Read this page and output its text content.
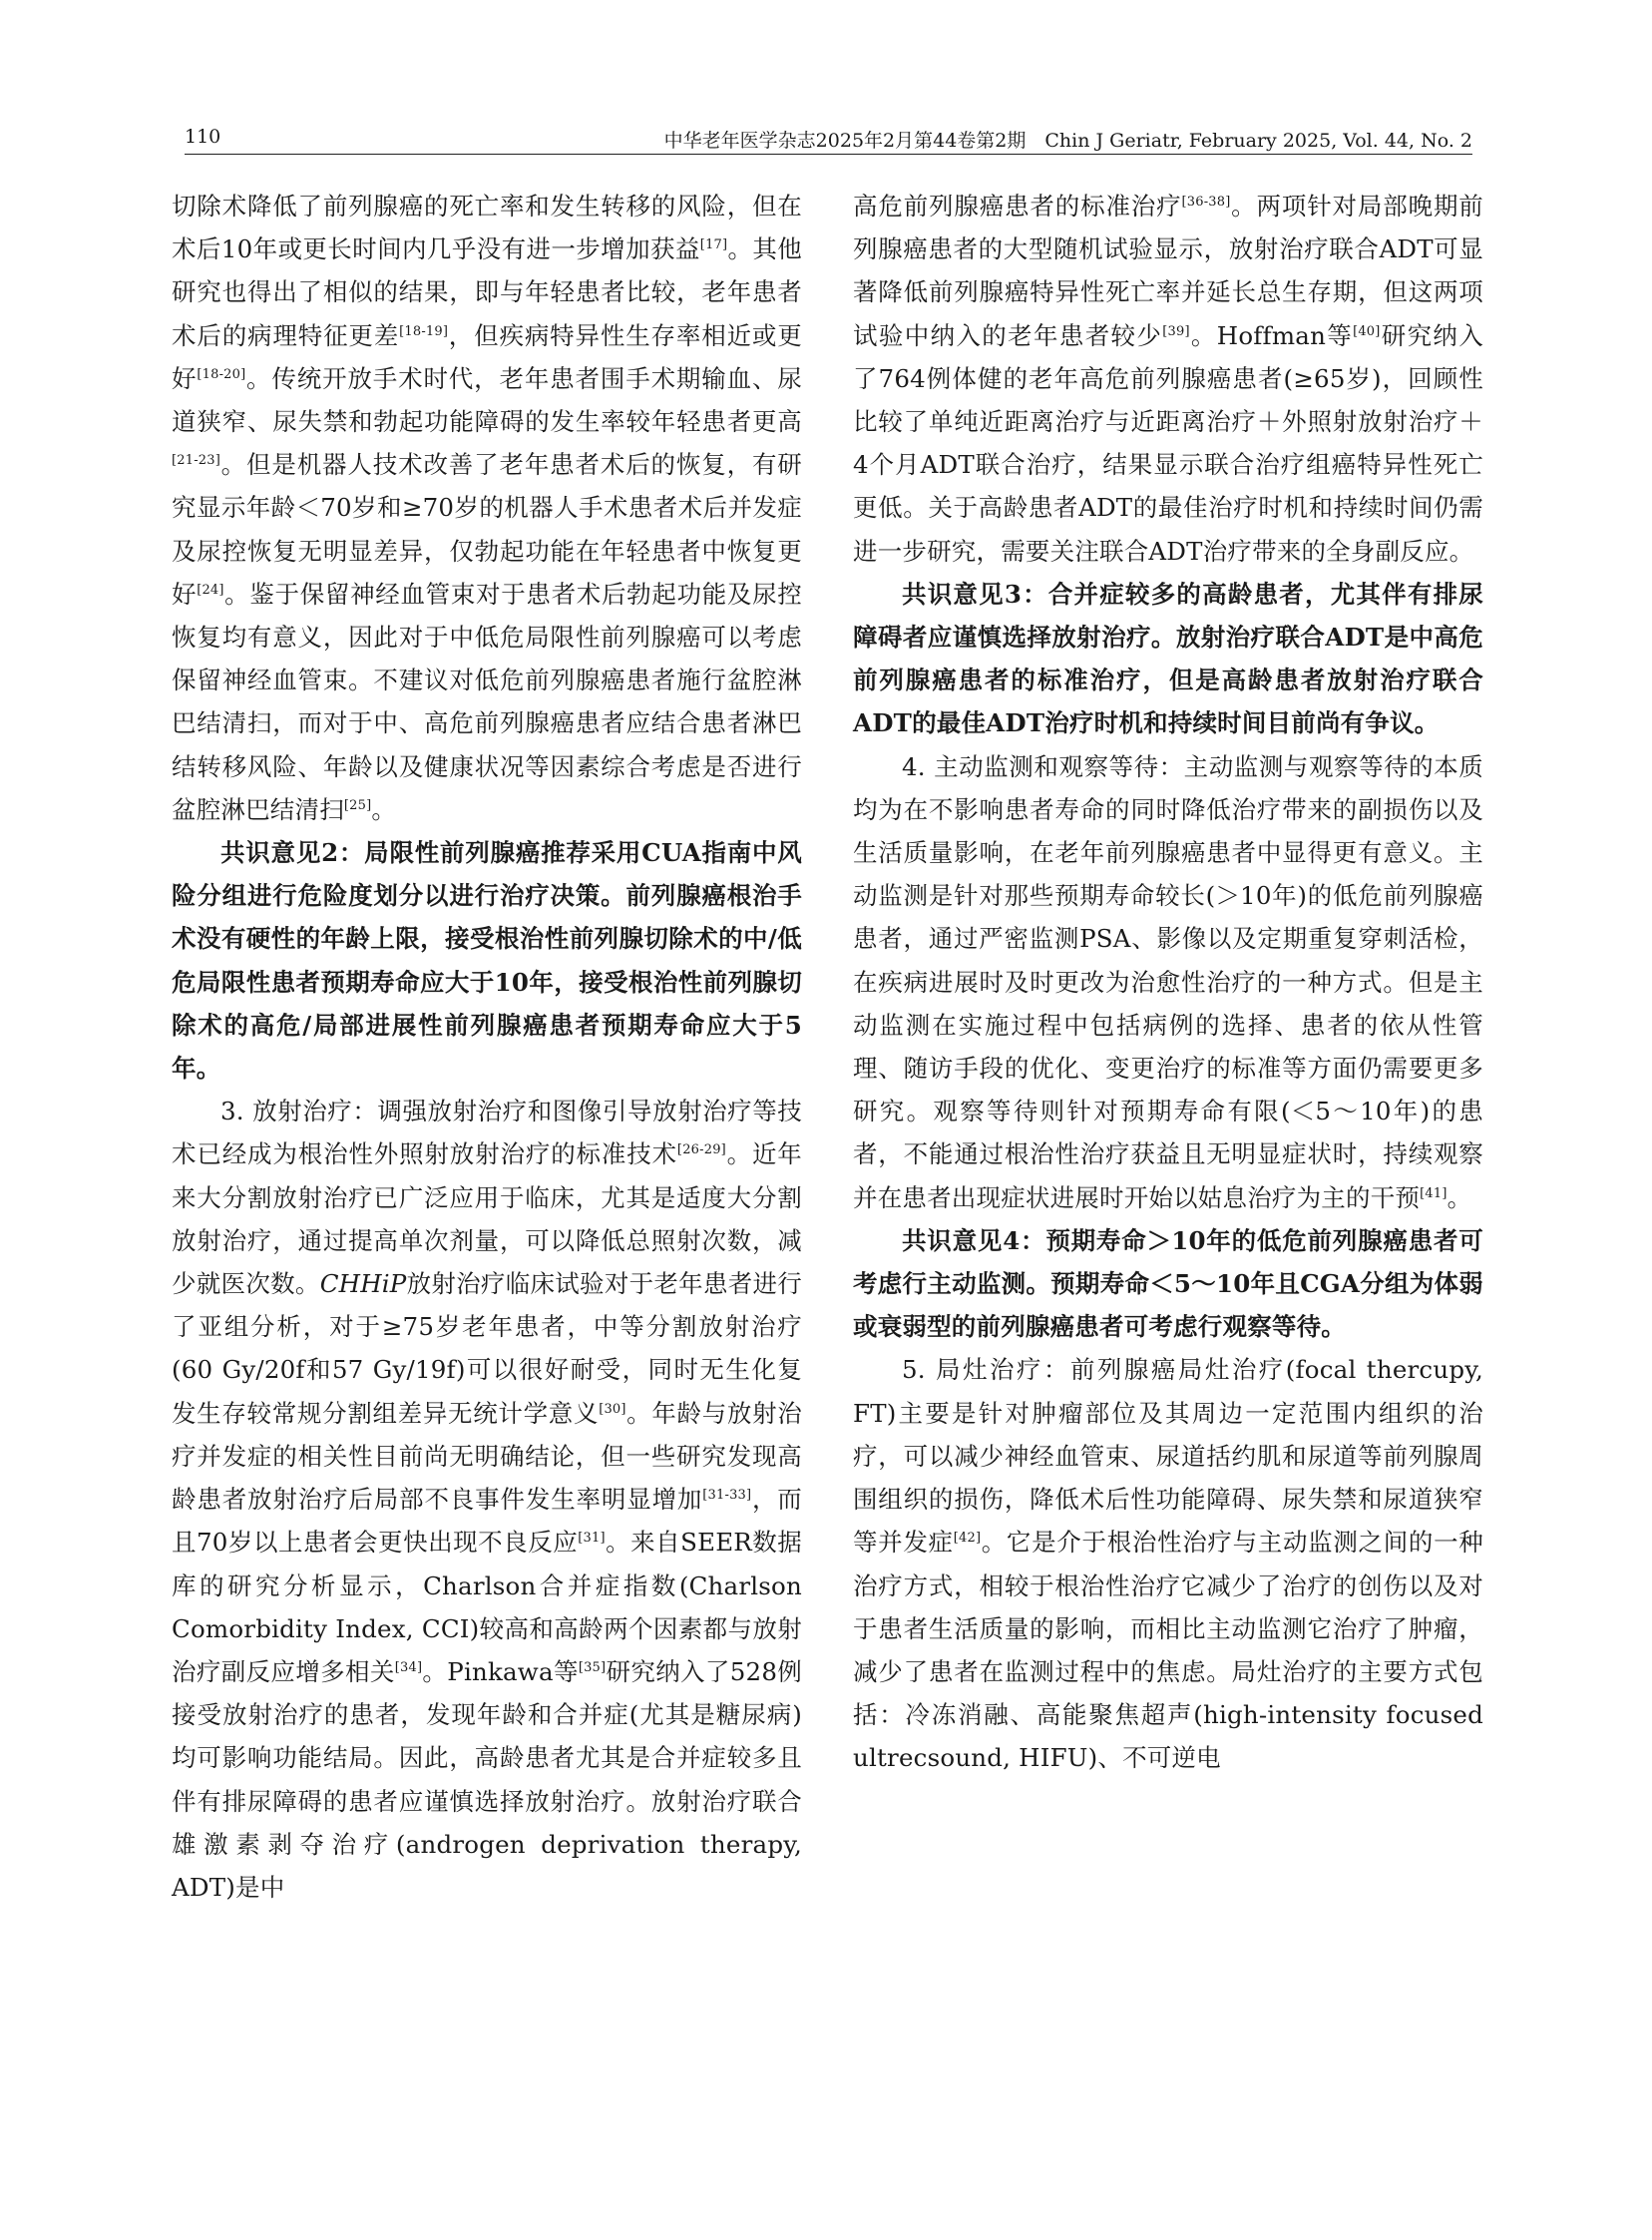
110	中华老年医学杂志2025年2月第44卷第2期　Chin J Geriatr, February 2025, Vol. 44, No. 2

切除术降低了前列腺癌的死亡率和发生转移的风险，但在术后10年或更长时间内几乎没有进一步增加获益[17]。其他研究也得出了相似的结果，即与年轻患者比较，老年患者术后的病理特征更差[18-19]，但疾病特异性生存率相近或更好[18-20]。传统开放手术时代，老年患者围手术期输血、尿道狭窄、尿失禁和勃起功能障碍的发生率较年轻患者更高[21-23]。但是机器人技术改善了老年患者术后的恢复，有研究显示年龄＜70岁和≥70岁的机器人手术患者术后并发症及尿控恢复无明显差异，仅勃起功能在年轻患者中恢复更好[24]。鉴于保留神经血管束对于患者术后勃起功能及尿控恢复均有意义，因此对于中低危局限性前列腺癌可以考虑保留神经血管束。不建议对低危前列腺癌患者施行盆腔淋巴结清扫，而对于中、高危前列腺癌患者应结合患者淋巴结转移风险、年龄以及健康状况等因素综合考虑是否进行盆腔淋巴结清扫[25]。

共识意见2：局限性前列腺癌推荐采用CUA指南中风险分组进行危险度划分以进行治疗决策。前列腺癌根治手术没有硬性的年龄上限，接受根治性前列腺切除术的中/低危局限性患者预期寿命应大于10年，接受根治性前列腺切除术的高危/局部进展性前列腺癌患者预期寿命应大于5年。

3. 放射治疗：调强放射治疗和图像引导放射治疗等技术已经成为根治性外照射放射治疗的标准技术[26-29]。近年来大分割放射治疗已广泛应用于临床，尤其是适度大分割放射治疗，通过提高单次剂量，可以降低总照射次数，减少就医次数。CHHiP放射治疗临床试验对于老年患者进行了亚组分析，对于≥75岁老年患者，中等分割放射治疗(60 Gy/20f和57 Gy/19f)可以很好耐受，同时无生化复发生存较常规分割组差异无统计学意义[30]。年龄与放射治疗并发症的相关性目前尚无明确结论，但一些研究发现高龄患者放射治疗后局部不良事件发生率明显增加[31-33]，而且70岁以上患者会更快出现不良反应[31]。来自SEER数据库的研究分析显示，Charlson合并症指数(Charlson Comorbidity Index, CCI)较高和高龄两个因素都与放射治疗副反应增多相关[34]。Pinkawa等[35]研究纳入了528例接受放射治疗的患者，发现年龄和合并症(尤其是糖尿病)均可影响功能结局。因此，高龄患者尤其是合并症较多且伴有排尿障碍的患者应谨慎选择放射治疗。放射治疗联合雄激素剥夺治疗(androgen deprivation therapy, ADT)是中

高危前列腺癌患者的标准治疗[36-38]。两项针对局部晚期前列腺癌患者的大型随机试验显示，放射治疗联合ADT可显著降低前列腺癌特异性死亡率并延长总生存期，但这两项试验中纳入的老年患者较少[39]。Hoffman等[40]研究纳入了764例体健的老年高危前列腺癌患者(≥65岁)，回顾性比较了单纯近距离治疗与近距离治疗＋外照射放射治疗＋4个月ADT联合治疗，结果显示联合治疗组癌特异性死亡更低。关于高龄患者ADT的最佳治疗时机和持续时间仍需进一步研究，需要关注联合ADT治疗带来的全身副反应。

共识意见3：合并症较多的高龄患者，尤其伴有排尿障碍者应谨慎选择放射治疗。放射治疗联合ADT是中高危前列腺癌患者的标准治疗，但是高龄患者放射治疗联合ADT的最佳ADT治疗时机和持续时间目前尚有争议。

4. 主动监测和观察等待：主动监测与观察等待的本质均为在不影响患者寿命的同时降低治疗带来的副损伤以及生活质量影响，在老年前列腺癌患者中显得更有意义。主动监测是针对那些预期寿命较长(＞10年)的低危前列腺癌患者，通过严密监测PSA、影像以及定期重复穿刺活检，在疾病进展时及时更改为治愈性治疗的一种方式。但是主动监测在实施过程中包括病例的选择、患者的依从性管理、随访手段的优化、变更治疗的标准等方面仍需要更多研究。观察等待则针对预期寿命有限(＜5～10年)的患者，不能通过根治性治疗获益且无明显症状时，持续观察并在患者出现症状进展时开始以姑息治疗为主的干预[41]。

共识意见4：预期寿命＞10年的低危前列腺癌患者可考虑行主动监测。预期寿命＜5～10年且CGA分组为体弱或衰弱型的前列腺癌患者可考虑行观察等待。

5. 局灶治疗：前列腺癌局灶治疗(focal thercupy, FT)主要是针对肿瘤部位及其周边一定范围内组织的治疗，可以减少神经血管束、尿道括约肌和尿道等前列腺周围组织的损伤，降低术后性功能障碍、尿失禁和尿道狭窄等并发症[42]。它是介于根治性治疗与主动监测之间的一种治疗方式，相较于根治性治疗它减少了治疗的创伤以及对于患者生活质量的影响，而相比主动监测它治疗了肿瘤，减少了患者在监测过程中的焦虑。局灶治疗的主要方式包括：冷冻消融、高能聚焦超声(high-intensity focused ultrecsound, HIFU)、不可逆电
